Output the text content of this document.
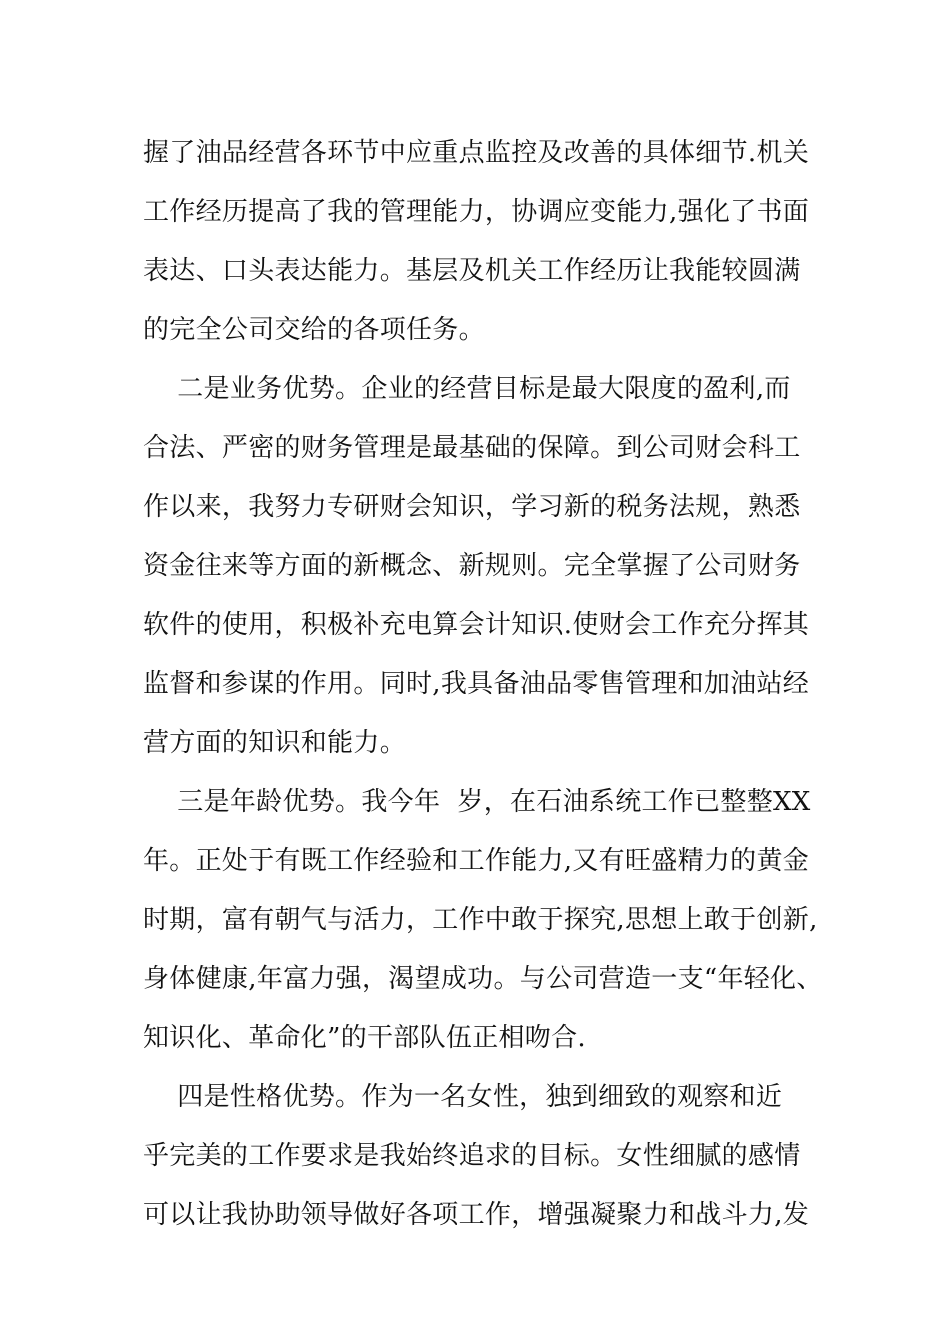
握了油品经营各环节中应重点监控及改善的具体细节.机关
工作经历提高了我的管理能力，协调应变能力,强化了书面
表达、口头表达能力。基层及机关工作经历让我能较圆满
的完全公司交给的各项任务。
二是业务优势。企业的经营目标是最大限度的盈利,而
合法、严密的财务管理是最基础的保障。到公司财会科工
作以来，我努力专研财会知识，学习新的税务法规，熟悉
资金往来等方面的新概念、新规则。完全掌握了公司财务
软件的使用，积极补充电算会计知识.使财会工作充分挥其
监督和参谋的作用。同时,我具备油品零售管理和加油站经
营方面的知识和能力。
三是年龄优势。我今年  岁，在石油系统工作已整整XX
年。正处于有既工作经验和工作能力,又有旺盛精力的黄金
时期，富有朝气与活力，工作中敢于探究,思想上敢于创新,
身体健康,年富力强，渴望成功。与公司营造一支“年轻化、
知识化、革命化”的干部队伍正相吻合.
四是性格优势。作为一名女性，独到细致的观察和近
乎完美的工作要求是我始终追求的目标。女性细腻的感情
可以让我协助领导做好各项工作，增强凝聚力和战斗力,发
